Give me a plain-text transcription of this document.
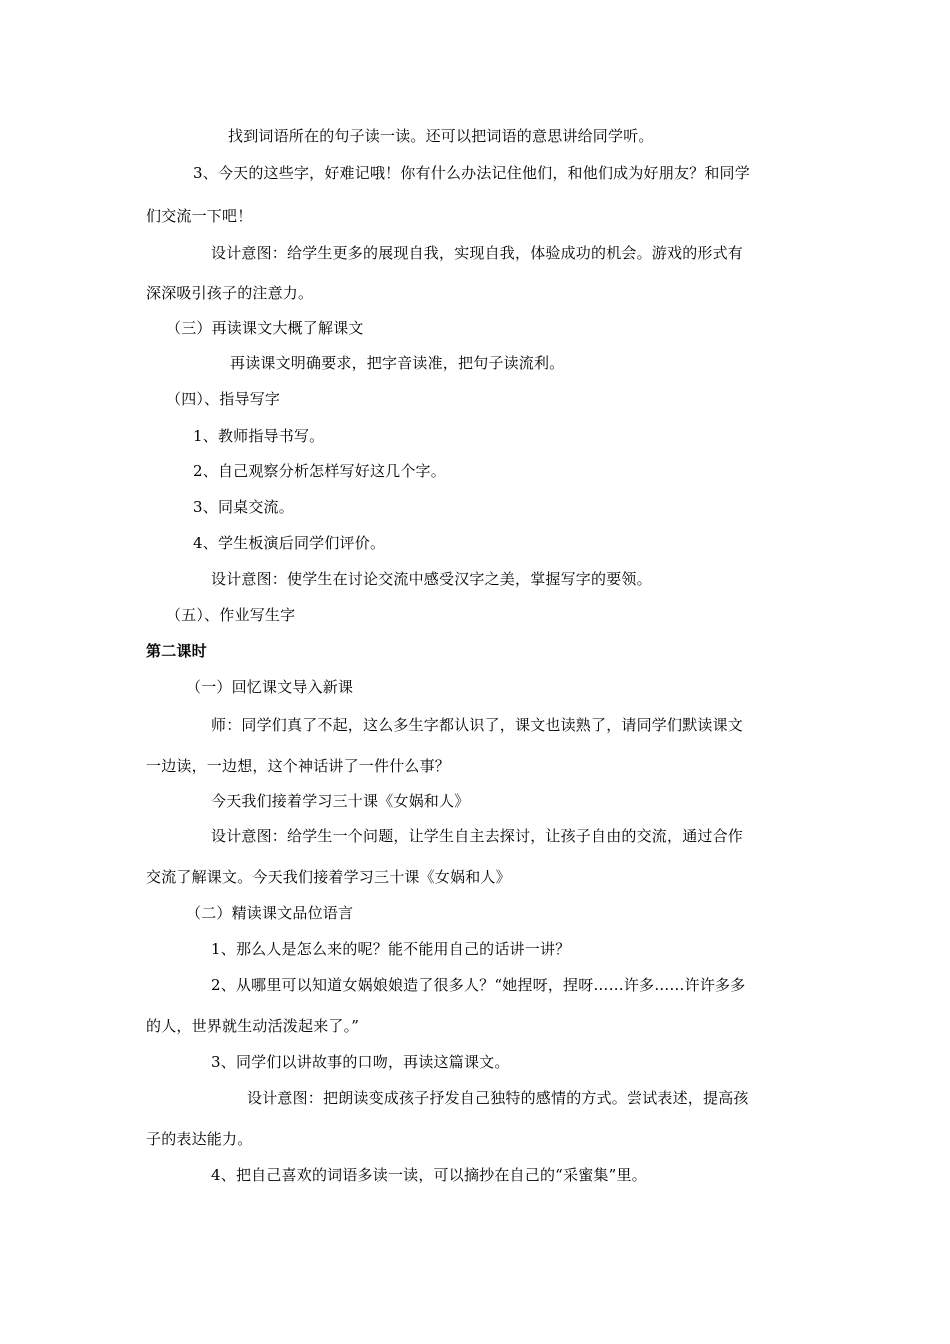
找到词语所在的句子读一读。还可以把词语的意思讲给同学听。
3、今天的这些字，好难记哦！你有什么办法记住他们，和他们成为好朋友？和同学
们交流一下吧！
设计意图：给学生更多的展现自我，实现自我，体验成功的机会。游戏的形式有
深深吸引孩子的注意力。
（三）再读课文大概了解课文
再读课文明确要求，把字音读准，把句子读流利。
（四）、指导写字
1、教师指导书写。
2、自己观察分析怎样写好这几个字。
3、同桌交流。
4、学生板演后同学们评价。
设计意图：使学生在讨论交流中感受汉字之美，掌握写字的要领。
（五）、作业写生字
第二课时
（一）回忆课文导入新课
师：同学们真了不起，这么多生字都认识了，课文也读熟了，请同学们默读课文
一边读，一边想，这个神话讲了一件什么事？
今天我们接着学习三十课《女娲和人》
设计意图：给学生一个问题，让学生自主去探讨，让孩子自由的交流，通过合作
交流了解课文。今天我们接着学习三十课《女娲和人》
（二）精读课文品位语言
1、那么人是怎么来的呢？能不能用自己的话讲一讲？
2、从哪里可以知道女娲娘娘造了很多人？“她捏呀，捏呀……许多……许许多多
的人，世界就生动活泼起来了。”
3、同学们以讲故事的口吻，再读这篇课文。
设计意图：把朗读变成孩子抒发自己独特的感情的方式。尝试表述，提高孩
子的表达能力。
4、把自己喜欢的词语多读一读，可以摘抄在自己的“采蜜集”里。
